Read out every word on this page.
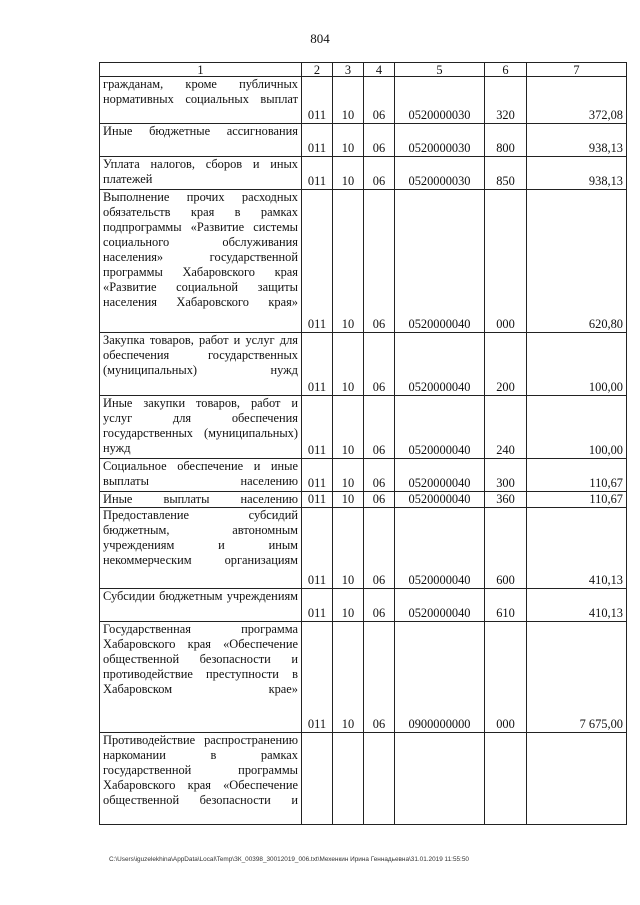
804
1	2	3	4	5	6	7
гражданам, кроме публичных нормативных социальных выплат	011	10	06	0520000030	320	372,08
Иные бюджетные ассигнования	011	10	06	0520000030	800	938,13
Уплата налогов, сборов и иных платежей	011	10	06	0520000030	850	938,13
Выполнение прочих расходных обязательств края в рамках подпрограммы «Развитие системы социального обслуживания населения» государственной программы Хабаровского края «Развитие социальной защиты населения Хабаровского края»	011	10	06	0520000040	000	620,80
Закупка товаров, работ и услуг для обеспечения государственных (муниципальных) нужд	011	10	06	0520000040	200	100,00
Иные закупки товаров, работ и услуг для обеспечения государственных (муниципальных) нужд	011	10	06	0520000040	240	100,00
Социальное обеспечение и иные выплаты населению	011	10	06	0520000040	300	110,67
Иные выплаты населению	011	10	06	0520000040	360	110,67
Предоставление субсидий бюджетным, автономным учреждениям и иным некоммерческим организациям	011	10	06	0520000040	600	410,13
Субсидии бюджетным учреждениям	011	10	06	0520000040	610	410,13
Государственная программа Хабаровского края «Обеспечение общественной безопасности и противодействие преступности в Хабаровском крае»	011	10	06	0900000000	000	7 675,00
Противодействие распространению наркомании в рамках государственной программы Хабаровского края «Обеспечение общественной безопасности и						
C:\Users\iguzelekhina\AppData\Local\Temp\ЗК_00398_30012019_006.txt\Мехенкин Ирина Геннадьевна\31.01.2019 11:55:50
